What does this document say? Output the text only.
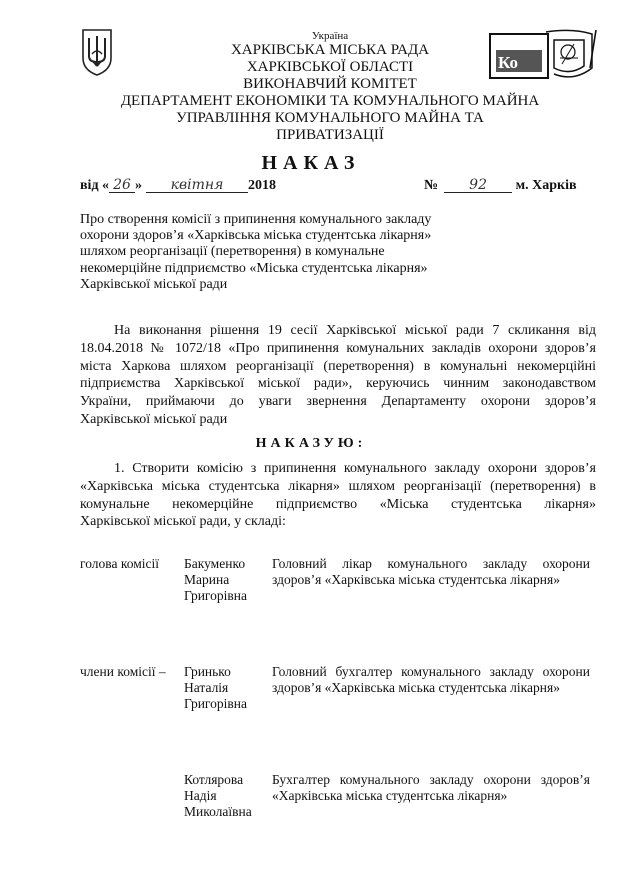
Ко
Україна
ХАРКІВСЬКА МІСЬКА РАДА
ХАРКІВСЬКОЇ ОБЛАСТІ
ВИКОНАВЧИЙ КОМІТЕТ
ДЕПАРТАМЕНТ ЕКОНОМІКИ ТА КОМУНАЛЬНОГО МАЙНА
УПРАВЛІННЯ КОМУНАЛЬНОГО МАЙНА ТА
ПРИВАТИЗАЦІЇ
НАКАЗ
від « 26 » квітня 2018	№ 92 м. Харків
Про створення комісії з припинення комунального закладу
охорони здоров’я «Харківська міська студентська лікарня»
шляхом реорганізації (перетворення) в комунальне
некомерційне підприємство «Міська студентська лікарня»
Харківської міської ради
На виконання рішення 19 сесії Харківської міської ради 7 скликання від
18.04.2018 № 1072/18 «Про припинення комунальних закладів охорони здоров’я
міста Харкова шляхом реорганізації (перетворення) в комунальні некомерційні
підприємства Харківської міської ради», керуючись чинним законодавством
України, приймаючи до уваги звернення Департаменту охорони здоров’я
Харківської міської ради
НАКАЗУЮ:
1. Створити комісію з припинення комунального закладу охорони здоров’я
«Харківська міська студентська лікарня» шляхом реорганізації (перетворення) в
комунальне некомерційне підприємство «Міська студентська лікарня»
Харківської міської ради, у складі:
голова комісії Бакуменко
Марина
Григорівна
Головний лікар комунального закладу охорони
здоров’я «Харківська міська студентська лікарня»
члени комісії – Гринько
Наталія
Григорівна
Головний бухгалтер комунального закладу охорони
здоров’я «Харківська міська студентська лікарня»
Котлярова
Надія
Миколаївна
Бухгалтер комунального закладу охорони здоров’я
«Харківська міська студентська лікарня»
